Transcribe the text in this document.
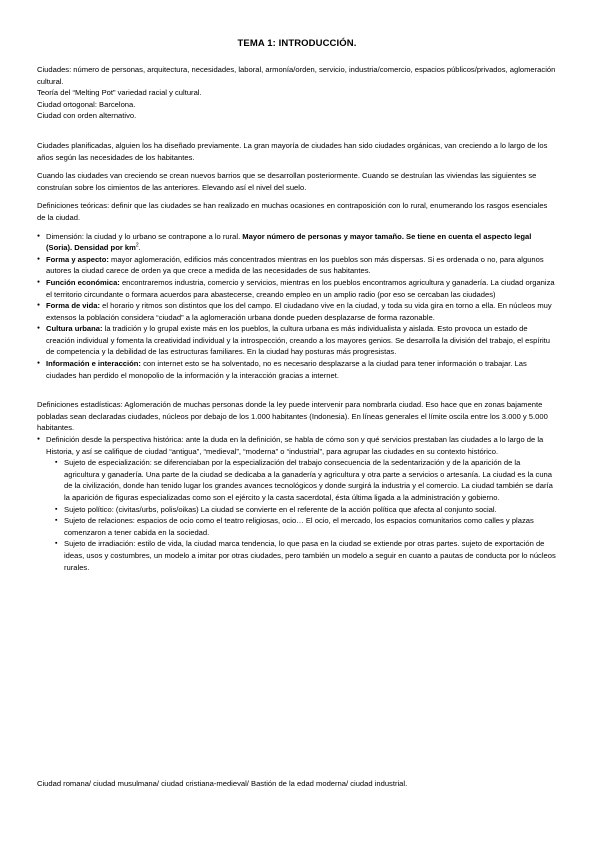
TEMA 1: INTRODUCCIÓN.

Ciudades: número de personas, arquitectura, necesidades, laboral, armonía/orden, servicio, industria/comercio, espacios públicos/privados, aglomeración cultural.

Teoría del “Melting Pot” variedad racial y cultural.

Ciudad ortogonal: Barcelona.

Ciudad con orden alternativo.

Ciudades planificadas, alguien los ha diseñado previamente. La gran mayoría de ciudades han sido ciudades orgánicas, van creciendo a lo largo de los años según las necesidades de los habitantes.

Cuando las ciudades van creciendo se crean nuevos barrios que se desarrollan posteriormente. Cuando se destruían las viviendas las siguientes se construían sobre los cimientos de las anteriores. Elevando así el nivel del suelo.

Definiciones teóricas: definir que las ciudades se han realizado en muchas ocasiones en contraposición con lo rural, enumerando los rasgos esenciales de la ciudad.

● Dimensión: la ciudad y lo urbano se contrapone a lo rural. Mayor número de personas y mayor tamaño. Se tiene en cuenta el aspecto legal (Soria). Densidad por $km^2$.
● Forma y aspecto: mayor aglomeración, edificios más concentrados mientras en los pueblos son más dispersas. Si es ordenada o no, para algunos autores la ciudad carece de orden ya que crece a medida de las necesidades de sus habitantes.
● Función económica: encontraremos industria, comercio y servicios, mientras en los pueblos encontramos agricultura y ganadería. La ciudad organiza el territorio circundante o formara acuerdos para abastecerse, creando empleo en un amplio radio (por eso se cercaban las ciudades)
● Forma de vida: el horario y ritmos son distintos que los del campo. El ciudadano vive en la ciudad, y toda su vida gira en torno a ella. En núcleos muy extensos la población considera “ciudad” a la aglomeración urbana donde pueden desplazarse de forma razonable.
● Cultura urbana: la tradición y lo grupal existe más en los pueblos, la cultura urbana es más individualista y aislada. Esto provoca un estado de creación individual y fomenta la creatividad individual y la introspección, creando a los mayores genios. Se desarrolla la división del trabajo, el espíritu de competencia y la debilidad de las estructuras familiares. En la ciudad hay posturas más progresistas.
● Información e interacción: con internet esto se ha solventado, no es necesario desplazarse a la ciudad para tener información o trabajar. Las ciudades han perdido el monopolio de la información y la interacción gracias a internet.

Definiciones estadísticas: Aglomeración de muchas personas donde la ley puede intervenir para nombrarla ciudad. Eso hace que en zonas bajamente pobladas sean declaradas ciudades, núcleos por debajo de los 1.000 habitantes (Indonesia). En líneas generales el límite oscila entre los 3.000 y 5.000 habitantes.

● Definición desde la perspectiva histórica: ante la duda en la definición, se habla de cómo son y qué servicios prestaban las ciudades a lo largo de la Historia, y así se califique de ciudad “antigua”, “medieval”, “moderna” o “industrial”, para agrupar las ciudades en su contexto histórico.
▪ Sujeto de especialización: se diferenciaban por la especialización del trabajo consecuencia de la sedentarización y de la aparición de la agricultura y ganadería. Una parte de la ciudad se dedicaba a la ganadería y agricultura y otra parte a servicios o artesanía. La ciudad es la cuna de la civilización, donde han tenido lugar los grandes avances tecnológicos y donde surgirá la industria y el comercio. La ciudad también se daría la aparición de figuras especializadas como son el ejército y la casta sacerdotal, ésta última ligada a la administración y gobierno.
▪ Sujeto político: (civitas/urbs, polis/oikas) La ciudad se convierte en el referente de la acción política que afecta al conjunto social.
▪ Sujeto de relaciones: espacios de ocio como el teatro religiosas, ocio… El ocio, el mercado, los espacios comunitarios como calles y plazas comenzaron a tener cabida en la sociedad.
▪ Sujeto de irradiación: estilo de vida, la ciudad marca tendencia, lo que pasa en la ciudad se extiende por otras partes. sujeto de exportación de ideas, usos y costumbres, un modelo a imitar por otras ciudades, pero también un modelo a seguir en cuanto a pautas de conducta por lo núcleos rurales.
Ciudad romana/ ciudad musulmana/ ciudad cristiana-medieval/ Bastión de la edad moderna/ ciudad industrial.
